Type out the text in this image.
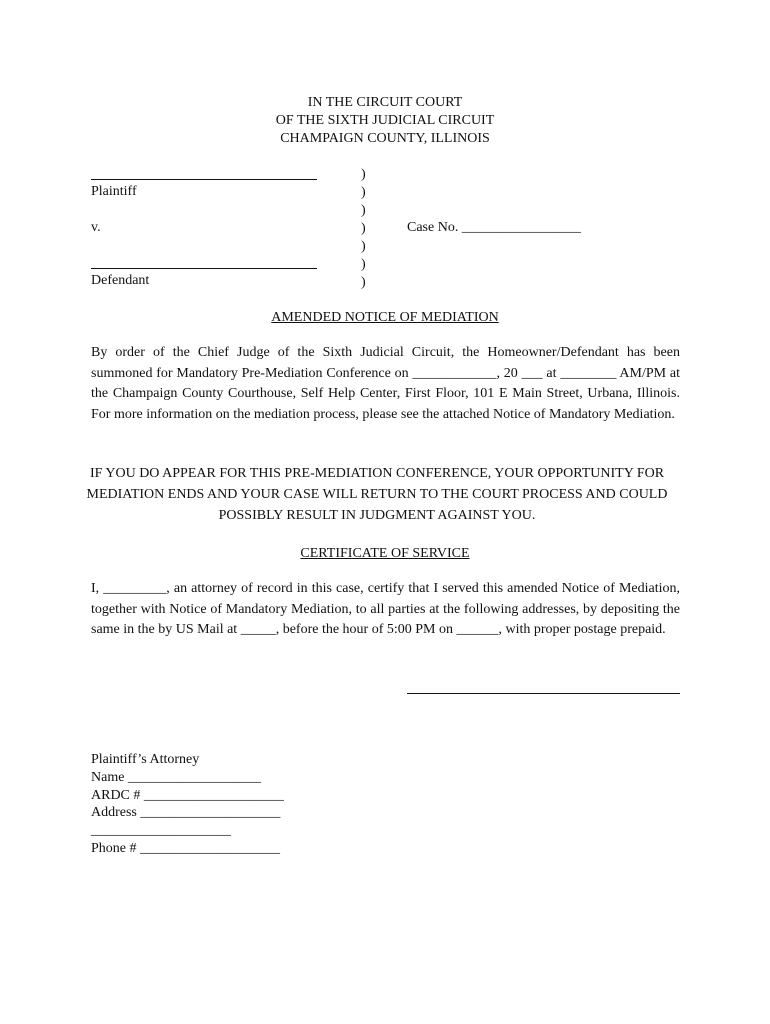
IN THE CIRCUIT COURT
OF THE SIXTH JUDICIAL CIRCUIT
CHAMPAIGN COUNTY, ILLINOIS
Plaintiff
v.
Defendant
)
)
)
)
)
)
)
Case No. _________________
AMENDED NOTICE OF MEDIATION
By order of the Chief Judge of the Sixth Judicial Circuit, the Homeowner/Defendant has been summoned for Mandatory Pre-Mediation Conference on ____________, 20 ___ at ________ AM/PM at the Champaign County Courthouse, Self Help Center, First Floor, 101 E Main Street, Urbana, Illinois. For more information on the mediation process, please see the attached Notice of Mandatory Mediation.
IF YOU DO APPEAR FOR THIS PRE-MEDIATION CONFERENCE, YOUR OPPORTUNITY FOR MEDIATION ENDS AND YOUR CASE WILL RETURN TO THE COURT PROCESS AND COULD POSSIBLY RESULT IN JUDGMENT AGAINST YOU.
CERTIFICATE OF SERVICE
I, _________, an attorney of record in this case, certify that I served this amended Notice of Mediation, together with Notice of Mandatory Mediation, to all parties at the following addresses, by depositing the same in the by US Mail at _____, before the hour of 5:00 PM on ______, with proper postage prepaid.
Plaintiff’s Attorney
Name ___________________
ARDC # ____________________
Address ____________________
____________________
Phone # ____________________
